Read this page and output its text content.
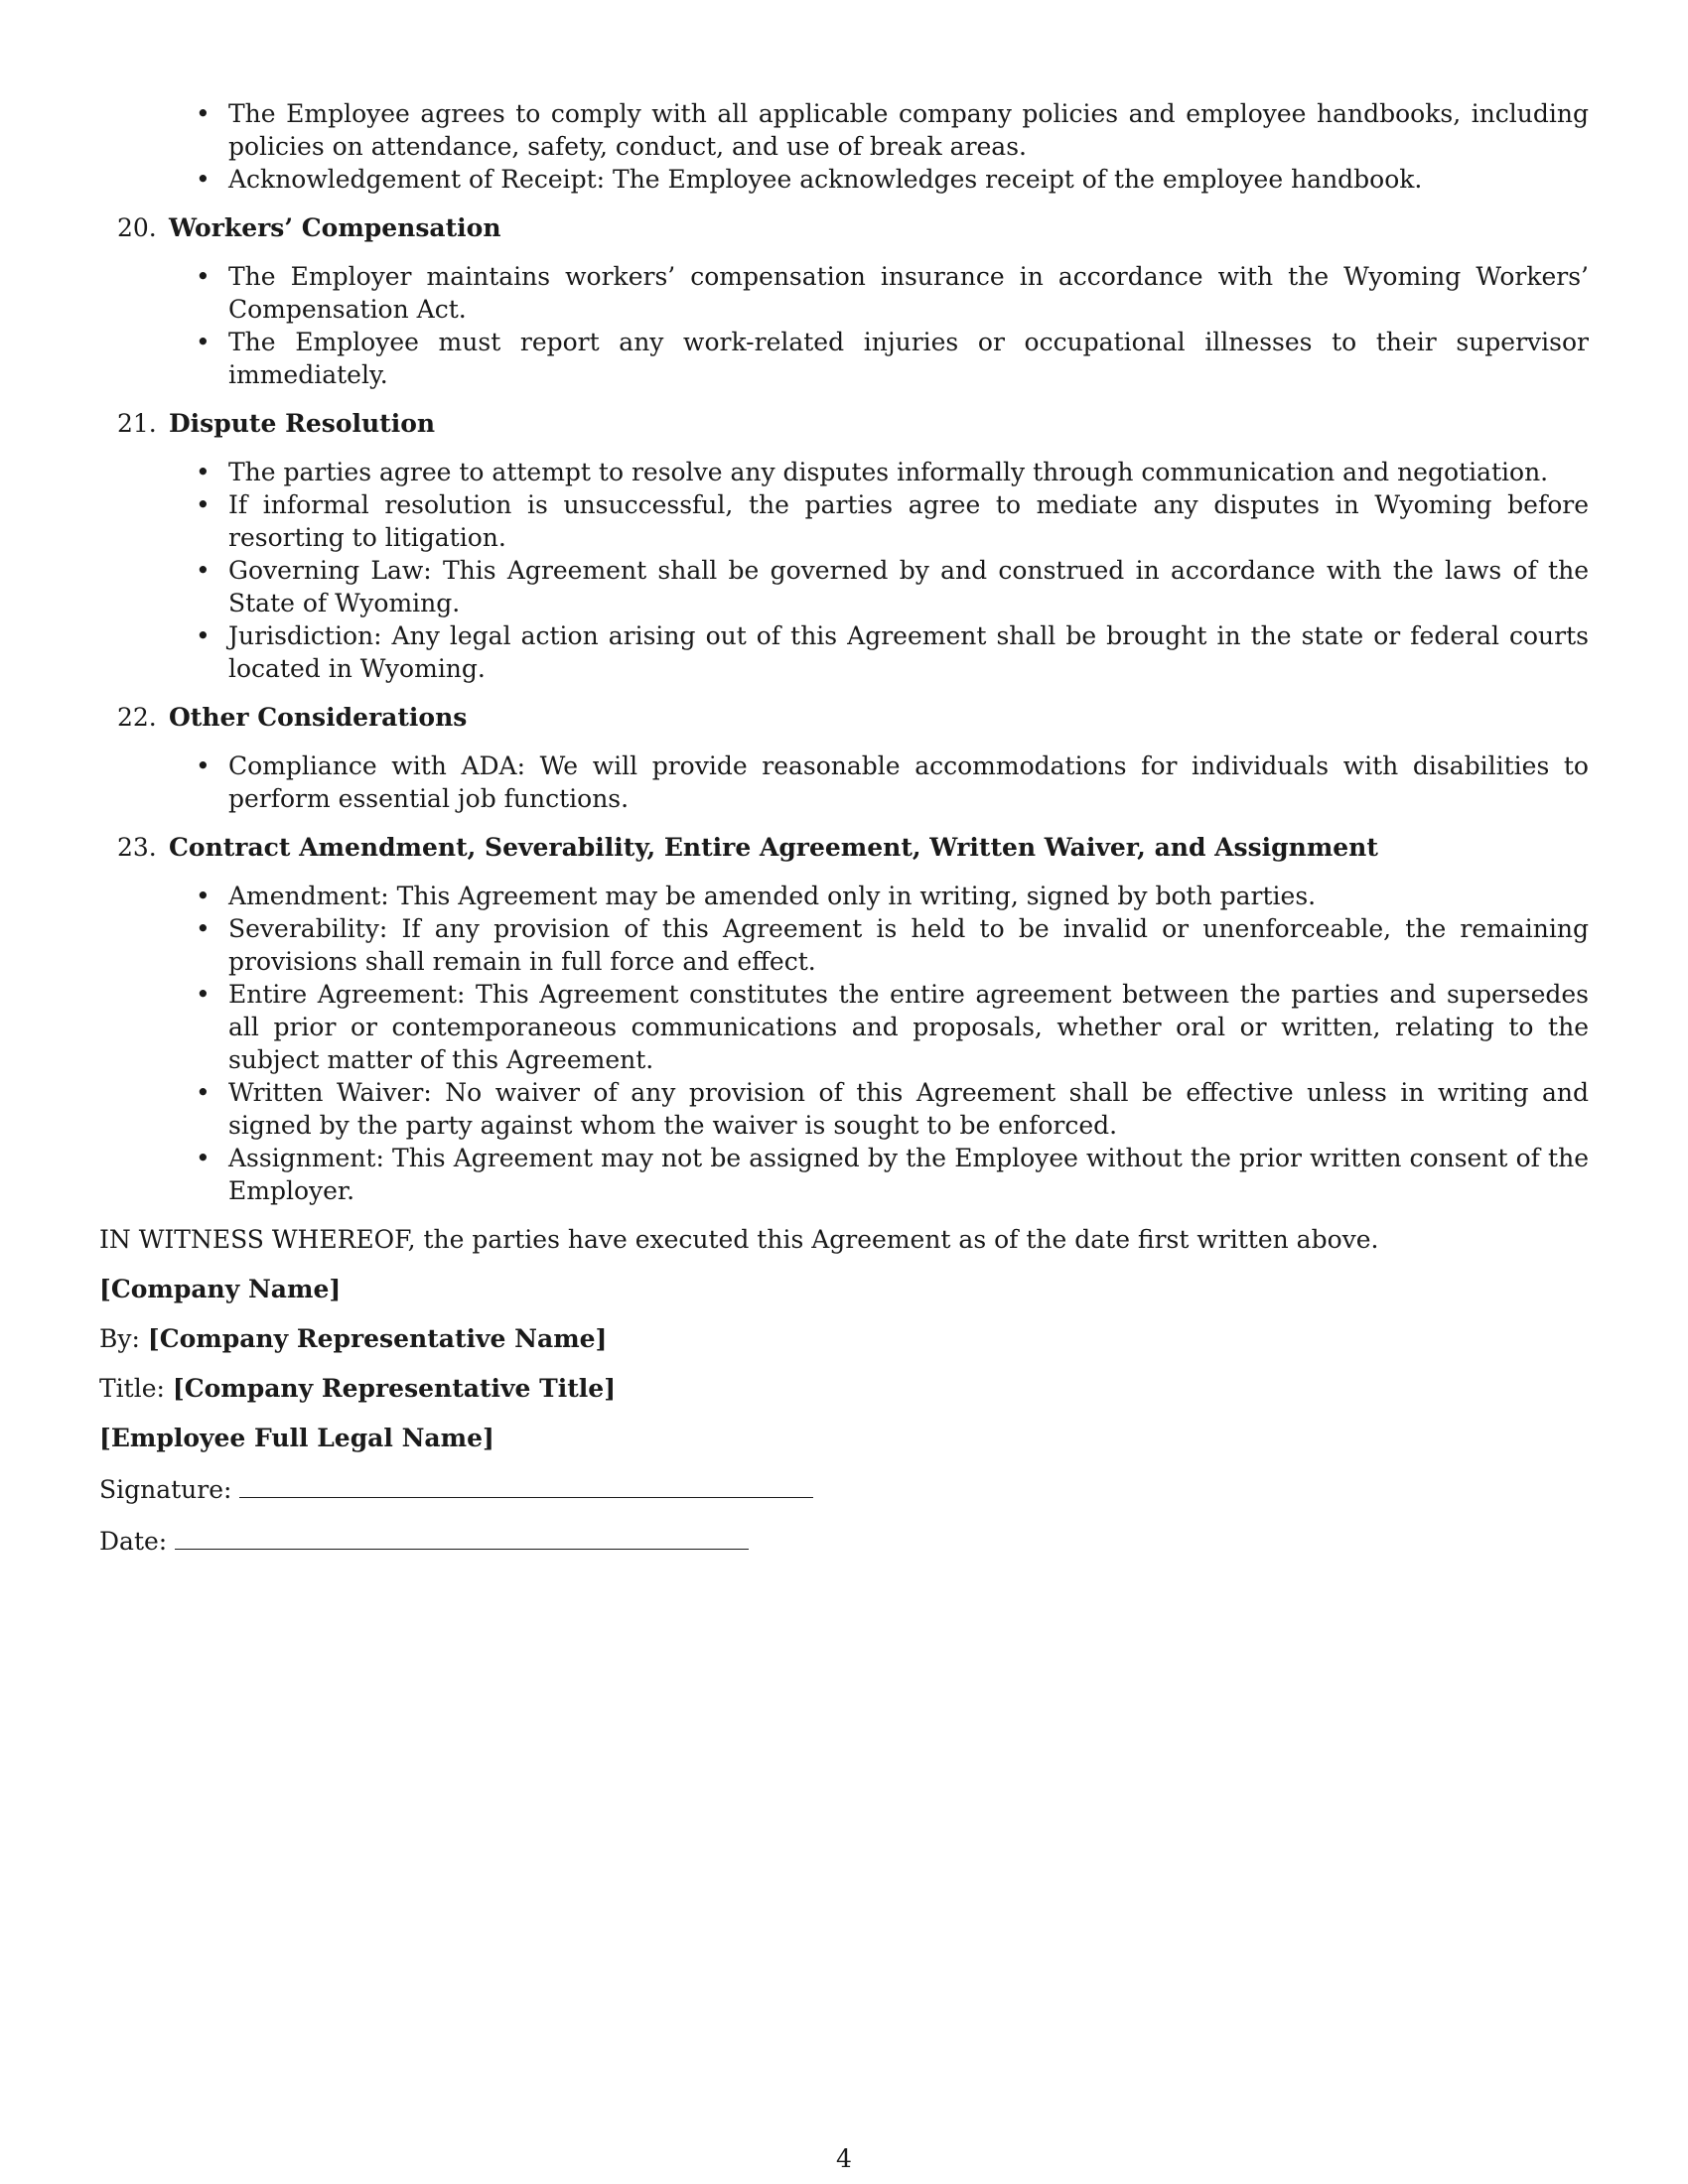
• The Employee agrees to comply with all applicable company policies and employee handbooks, including policies on attendance, safety, conduct, and use of break areas.
• Acknowledgement of Receipt: The Employee acknowledges receipt of the employee handbook.
20. Workers’ Compensation
• The Employer maintains workers’ compensation insurance in accordance with the Wyoming Workers’ Compensation Act.
• The Employee must report any work-related injuries or occupational illnesses to their supervisor immediately.
21. Dispute Resolution
• The parties agree to attempt to resolve any disputes informally through communication and negotiation.
• If informal resolution is unsuccessful, the parties agree to mediate any disputes in Wyoming before resorting to litigation.
• Governing Law: This Agreement shall be governed by and construed in accordance with the laws of the State of Wyoming.
• Jurisdiction: Any legal action arising out of this Agreement shall be brought in the state or federal courts located in Wyoming.
22. Other Considerations
• Compliance with ADA: We will provide reasonable accommodations for individuals with disabilities to perform essential job functions.
23. Contract Amendment, Severability, Entire Agreement, Written Waiver, and Assignment
• Amendment: This Agreement may be amended only in writing, signed by both parties.
• Severability: If any provision of this Agreement is held to be invalid or unenforceable, the remaining provisions shall remain in full force and effect.
• Entire Agreement: This Agreement constitutes the entire agreement between the parties and supersedes all prior or contemporaneous communications and proposals, whether oral or written, relating to the subject matter of this Agreement.
• Written Waiver: No waiver of any provision of this Agreement shall be effective unless in writing and signed by the party against whom the waiver is sought to be enforced.
• Assignment: This Agreement may not be assigned by the Employee without the prior written consent of the Employer.
IN WITNESS WHEREOF, the parties have executed this Agreement as of the date first written above.
[Company Name]
By: [Company Representative Name]
Title: [Company Representative Title]
[Employee Full Legal Name]
Signature:
Date:
4
